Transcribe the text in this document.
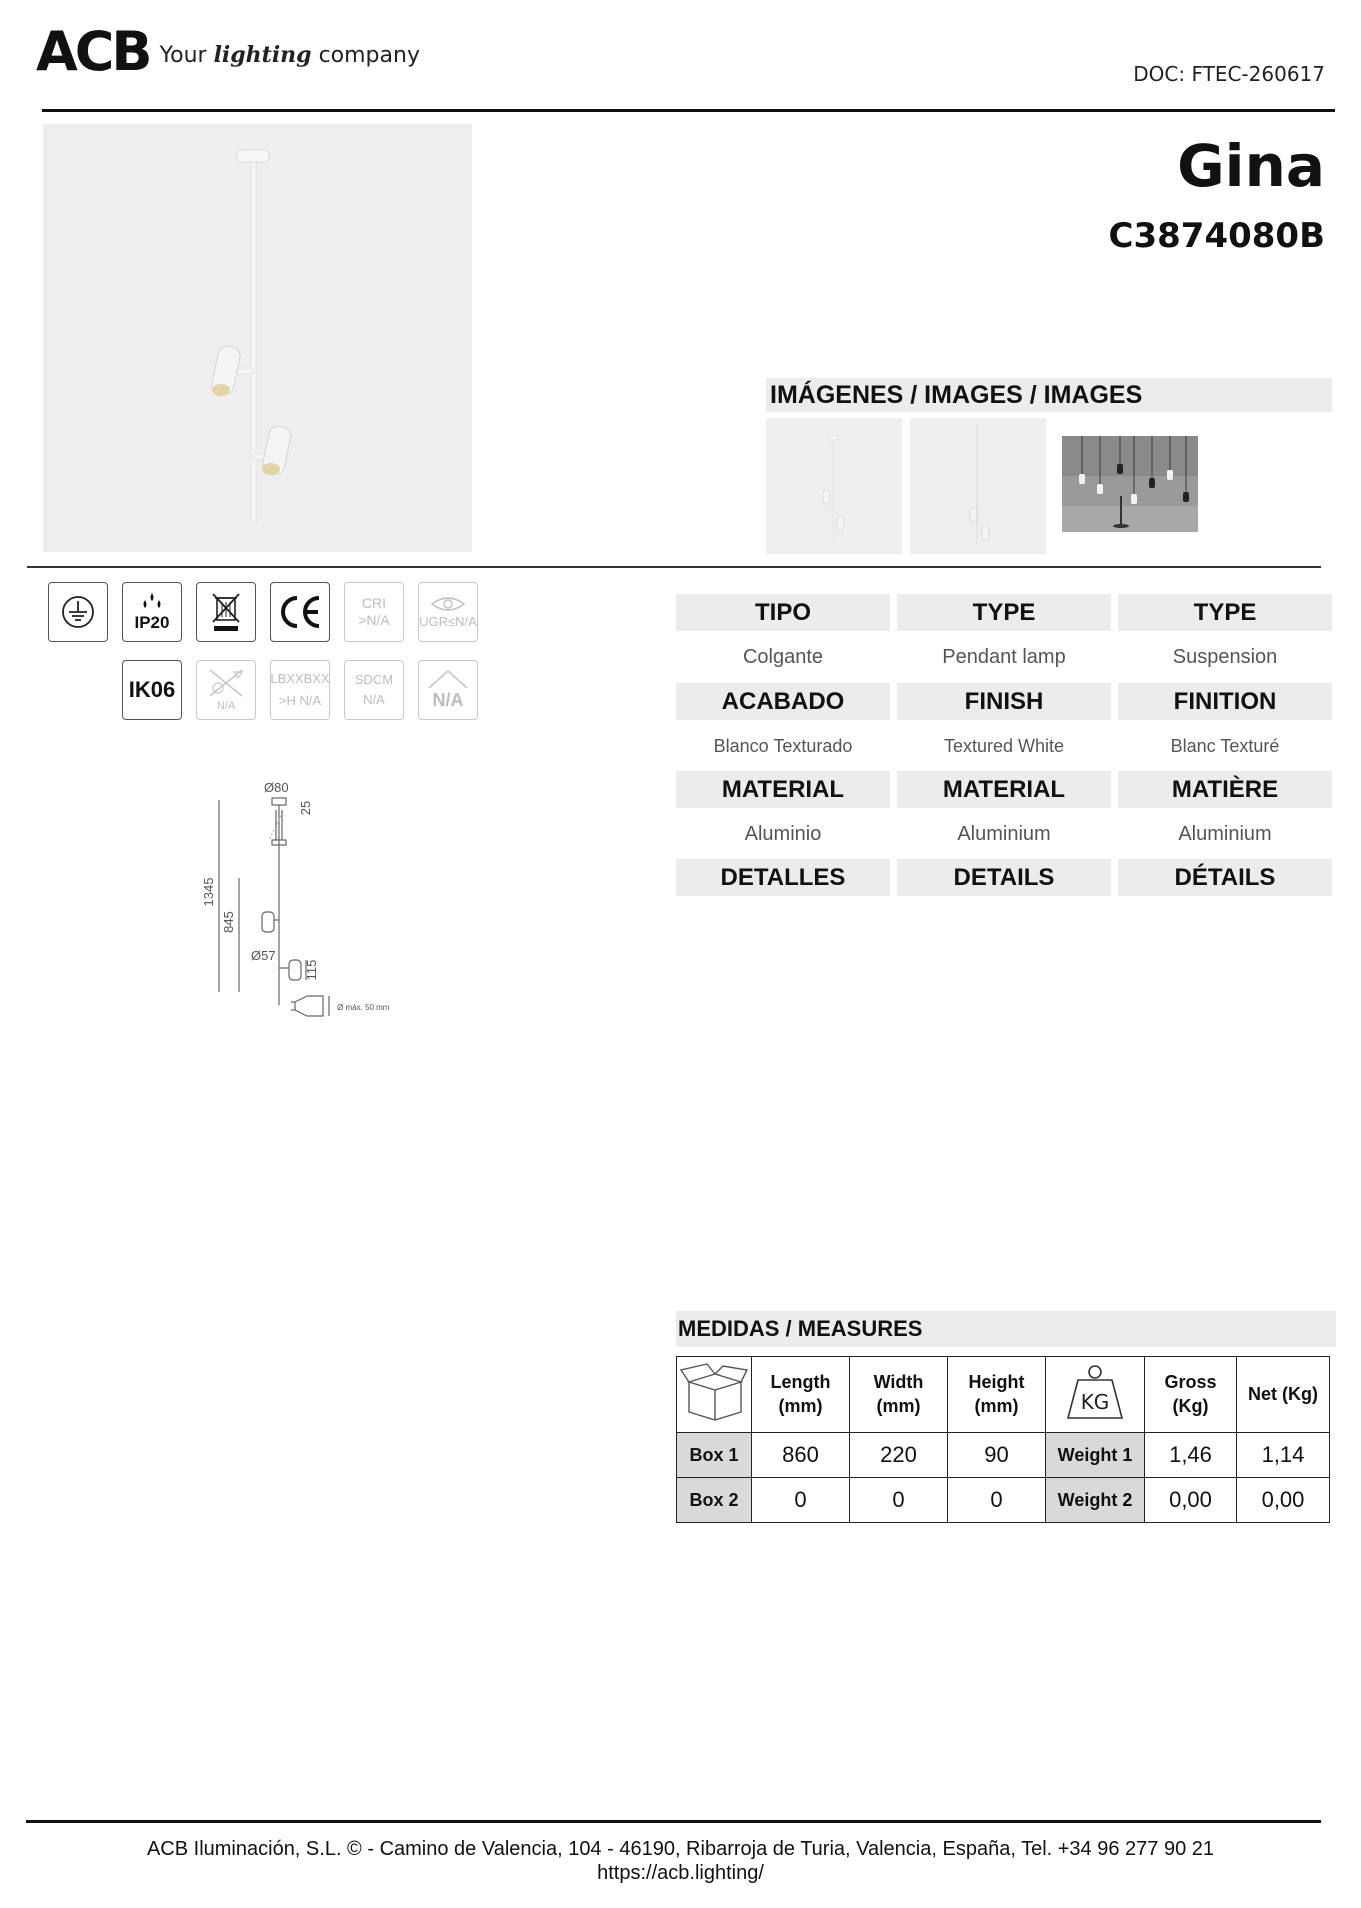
ACB Your lighting company
DOC: FTEC-260617
Gina
C3874080B
IMÁGENES / IMAGES / IMAGES
IP20
CRI >N/A	UGR≤N/A
IK06
N/A
LBXXBXX
>H N/A
SDCM
N/A	N/A
Ø80
25
1345
845
Ø57
115
Ø máx. 50 mm
TIPO	TYPE	TYPE
Colgante	Pendant lamp	Suspension
ACABADO	FINISH	FINITION
Blanco Texturado	Textured White	Blanc Texturé
MATERIAL	MATERIAL	MATIÈRE
Aluminio	Aluminium	Aluminium
DETALLES	DETAILS	DÉTAILS
MEDIDAS / MEASURES
	Length (mm)	Width (mm)	Height (mm)	KG	Gross (Kg)	Net (Kg)
Box 1	860	220	90	Weight 1	1,46	1,14
Box 2	0	0	0	Weight 2	0,00	0,00
ACB Iluminación, S.L. © - Camino de Valencia, 104 - 46190, Ribarroja de Turia, Valencia, España, Tel. +34 96 277 90 21
https://acb.lighting/
